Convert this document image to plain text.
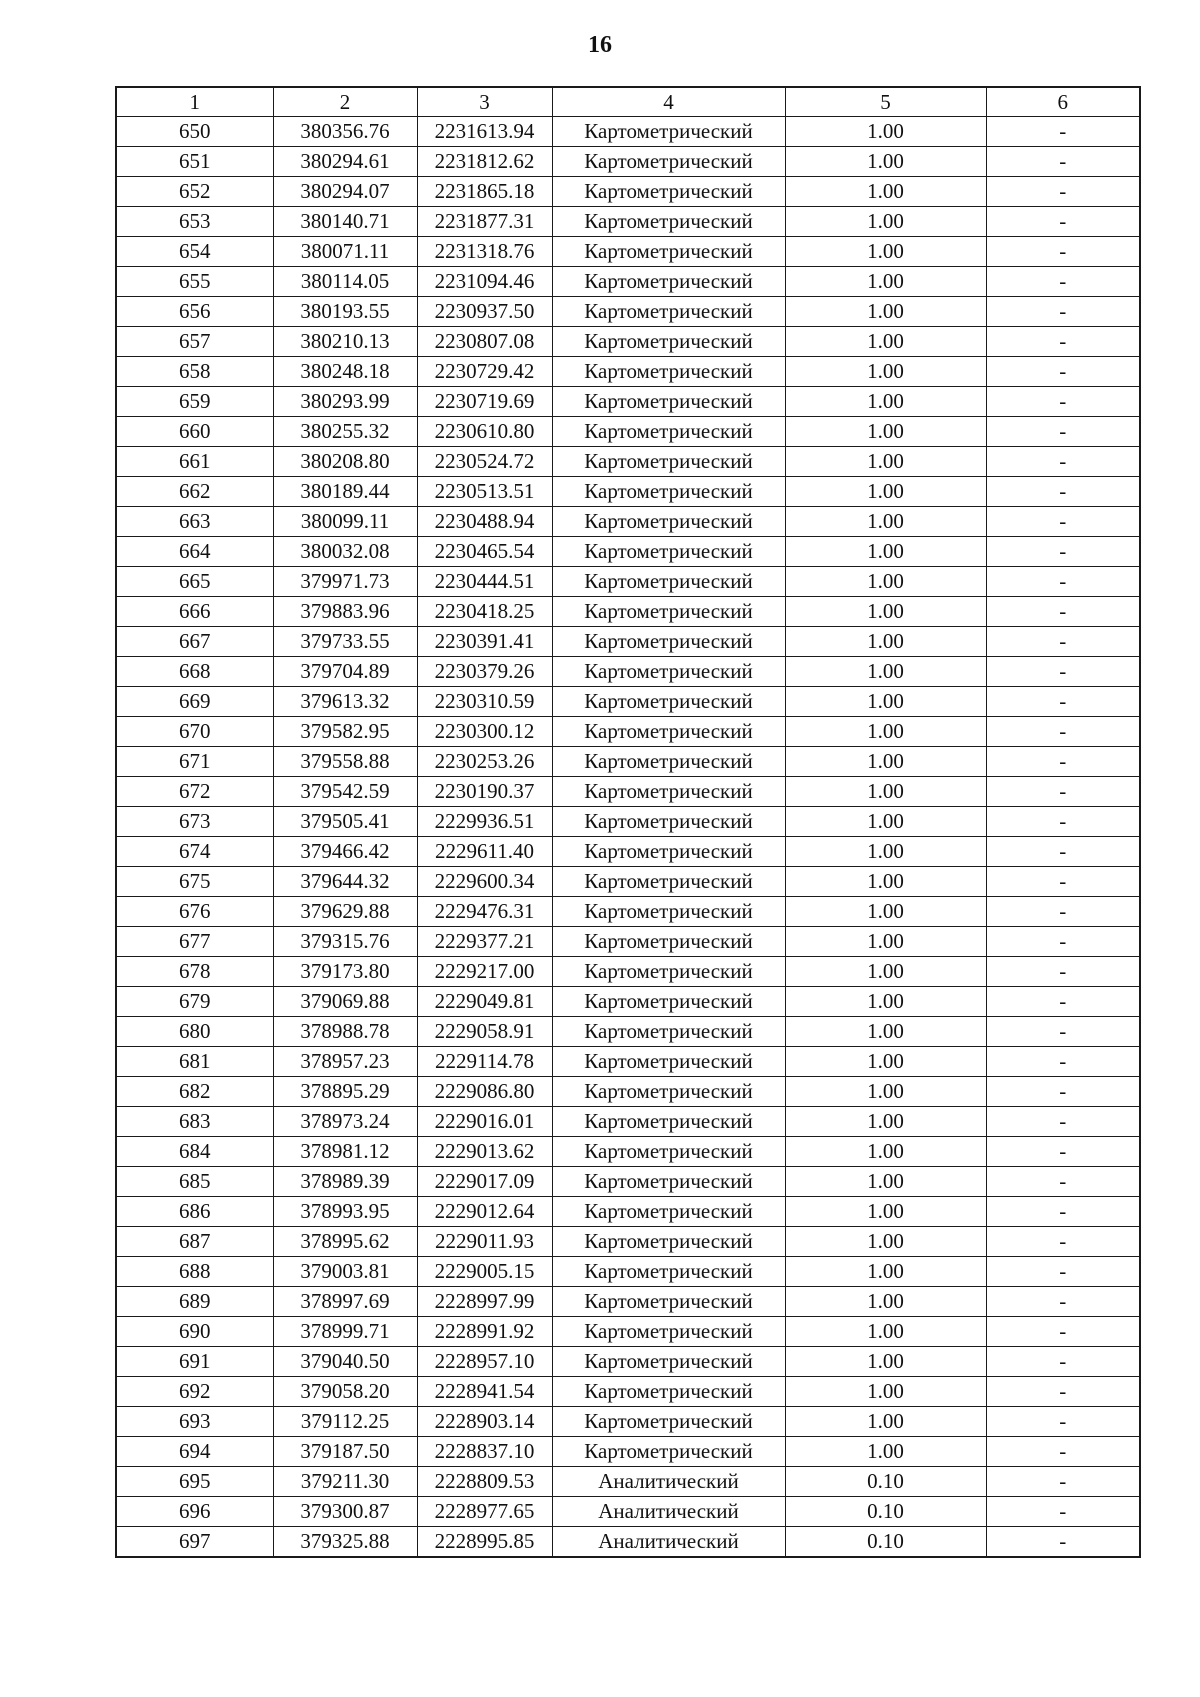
16
1	2	3	4	5	6
650	380356.76	2231613.94	Картометрический	1.00	-
651	380294.61	2231812.62	Картометрический	1.00	-
652	380294.07	2231865.18	Картометрический	1.00	-
653	380140.71	2231877.31	Картометрический	1.00	-
654	380071.11	2231318.76	Картометрический	1.00	-
655	380114.05	2231094.46	Картометрический	1.00	-
656	380193.55	2230937.50	Картометрический	1.00	-
657	380210.13	2230807.08	Картометрический	1.00	-
658	380248.18	2230729.42	Картометрический	1.00	-
659	380293.99	2230719.69	Картометрический	1.00	-
660	380255.32	2230610.80	Картометрический	1.00	-
661	380208.80	2230524.72	Картометрический	1.00	-
662	380189.44	2230513.51	Картометрический	1.00	-
663	380099.11	2230488.94	Картометрический	1.00	-
664	380032.08	2230465.54	Картометрический	1.00	-
665	379971.73	2230444.51	Картометрический	1.00	-
666	379883.96	2230418.25	Картометрический	1.00	-
667	379733.55	2230391.41	Картометрический	1.00	-
668	379704.89	2230379.26	Картометрический	1.00	-
669	379613.32	2230310.59	Картометрический	1.00	-
670	379582.95	2230300.12	Картометрический	1.00	-
671	379558.88	2230253.26	Картометрический	1.00	-
672	379542.59	2230190.37	Картометрический	1.00	-
673	379505.41	2229936.51	Картометрический	1.00	-
674	379466.42	2229611.40	Картометрический	1.00	-
675	379644.32	2229600.34	Картометрический	1.00	-
676	379629.88	2229476.31	Картометрический	1.00	-
677	379315.76	2229377.21	Картометрический	1.00	-
678	379173.80	2229217.00	Картометрический	1.00	-
679	379069.88	2229049.81	Картометрический	1.00	-
680	378988.78	2229058.91	Картометрический	1.00	-
681	378957.23	2229114.78	Картометрический	1.00	-
682	378895.29	2229086.80	Картометрический	1.00	-
683	378973.24	2229016.01	Картометрический	1.00	-
684	378981.12	2229013.62	Картометрический	1.00	-
685	378989.39	2229017.09	Картометрический	1.00	-
686	378993.95	2229012.64	Картометрический	1.00	-
687	378995.62	2229011.93	Картометрический	1.00	-
688	379003.81	2229005.15	Картометрический	1.00	-
689	378997.69	2228997.99	Картометрический	1.00	-
690	378999.71	2228991.92	Картометрический	1.00	-
691	379040.50	2228957.10	Картометрический	1.00	-
692	379058.20	2228941.54	Картометрический	1.00	-
693	379112.25	2228903.14	Картометрический	1.00	-
694	379187.50	2228837.10	Картометрический	1.00	-
695	379211.30	2228809.53	Аналитический	0.10	-
696	379300.87	2228977.65	Аналитический	0.10	-
697	379325.88	2228995.85	Аналитический	0.10	-
